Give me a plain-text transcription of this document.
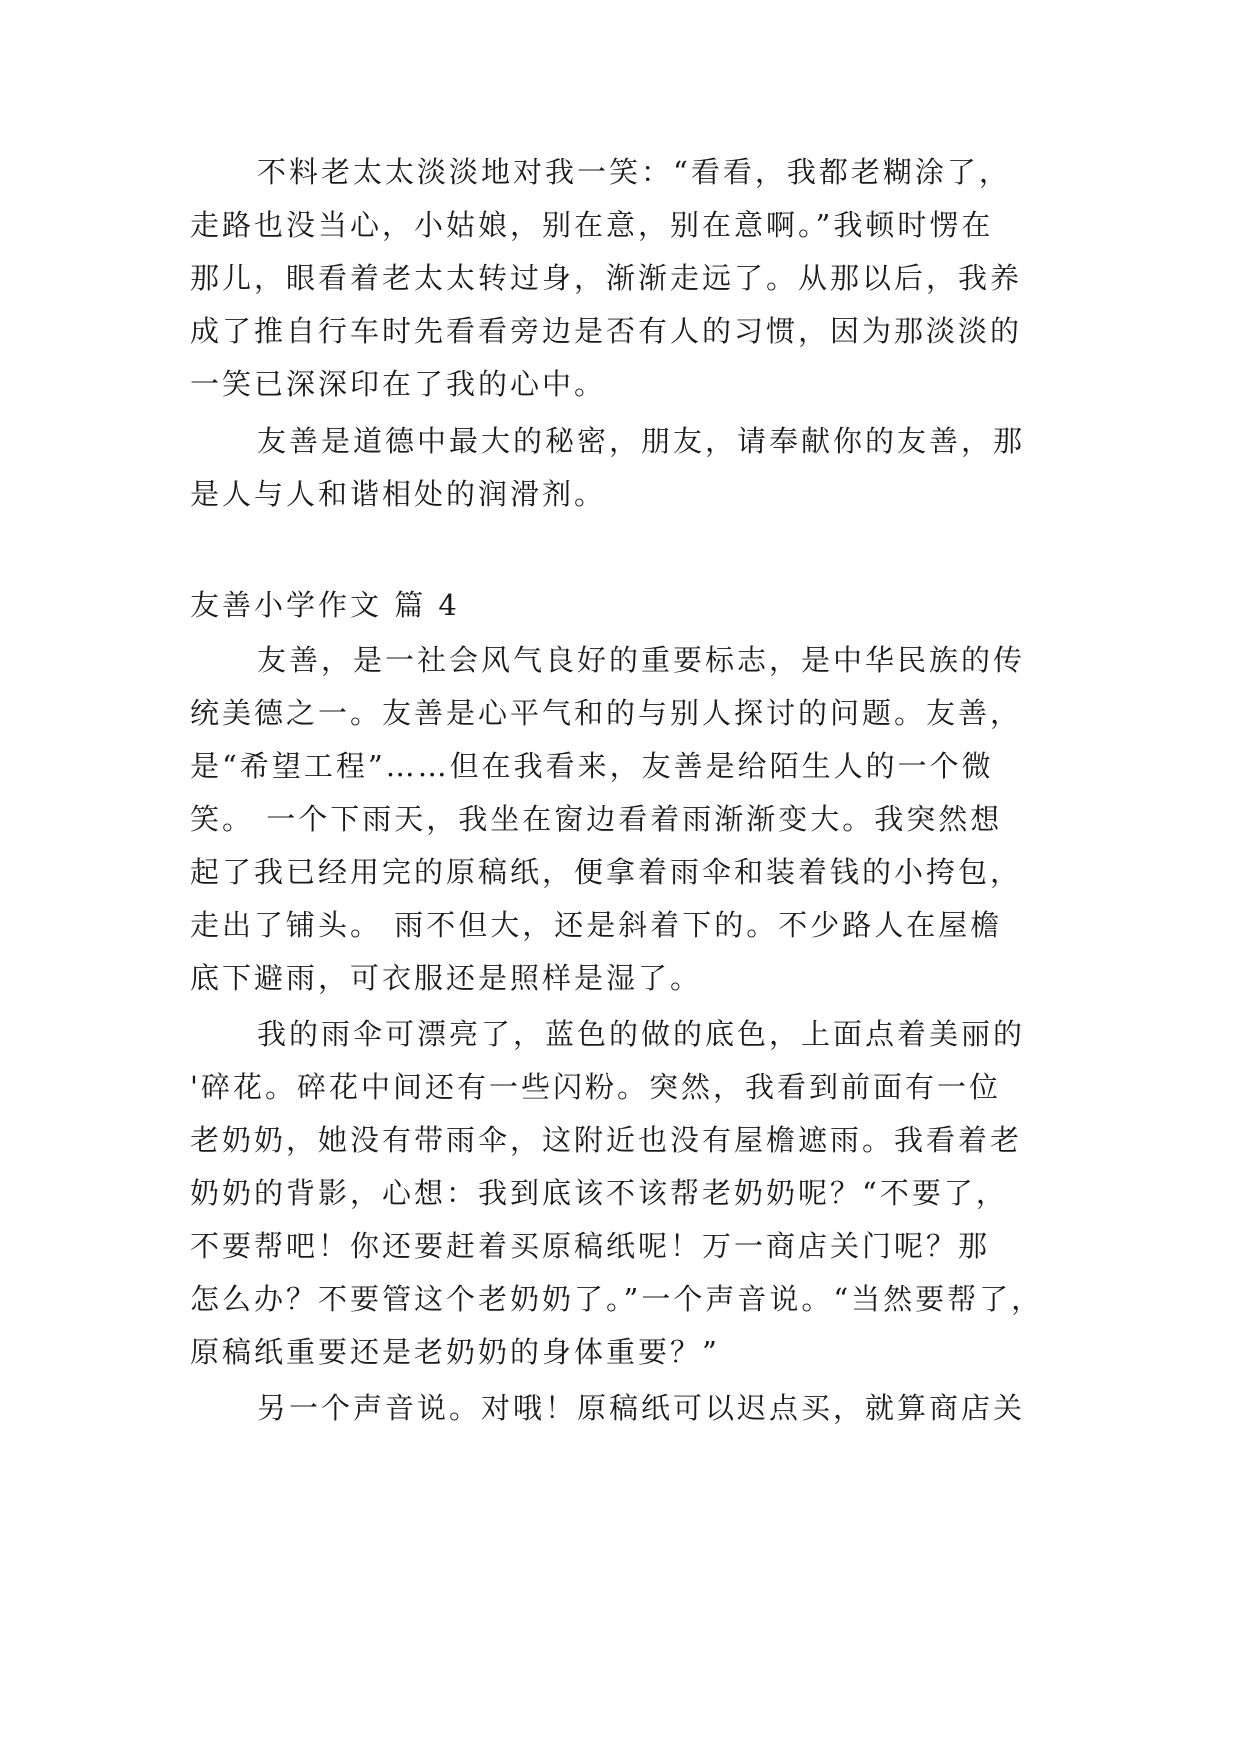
不料老太太淡淡地对我一笑：“看看，我都老糊涂了，
走路也没当心，小姑娘，别在意，别在意啊。”我顿时愣在
那儿，眼看着老太太转过身，渐渐走远了。从那以后，我养
成了推自行车时先看看旁边是否有人的习惯，因为那淡淡的
一笑已深深印在了我的心中。
友善是道德中最大的秘密，朋友，请奉献你的友善，那
是人与人和谐相处的润滑剂。
友善小学作文 篇 4
友善，是一社会风气良好的重要标志，是中华民族的传
统美德之一。友善是心平气和的与别人探讨的问题。友善，
是“希望工程”……但在我看来，友善是给陌生人的一个微
笑。 一个下雨天，我坐在窗边看着雨渐渐变大。我突然想
起了我已经用完的原稿纸，便拿着雨伞和装着钱的小挎包，
走出了铺头。 雨不但大，还是斜着下的。不少路人在屋檐
底下避雨，可衣服还是照样是湿了。
我的雨伞可漂亮了，蓝色的做的底色，上面点着美丽的
'碎花。碎花中间还有一些闪粉。突然，我看到前面有一位
老奶奶，她没有带雨伞，这附近也没有屋檐遮雨。我看着老
奶奶的背影，心想：我到底该不该帮老奶奶呢？“不要了，
不要帮吧！你还要赶着买原稿纸呢！万一商店关门呢？那
怎么办？不要管这个老奶奶了。”一个声音说。“当然要帮了，
原稿纸重要还是老奶奶的身体重要？”
另一个声音说。对哦！原稿纸可以迟点买，就算商店关
